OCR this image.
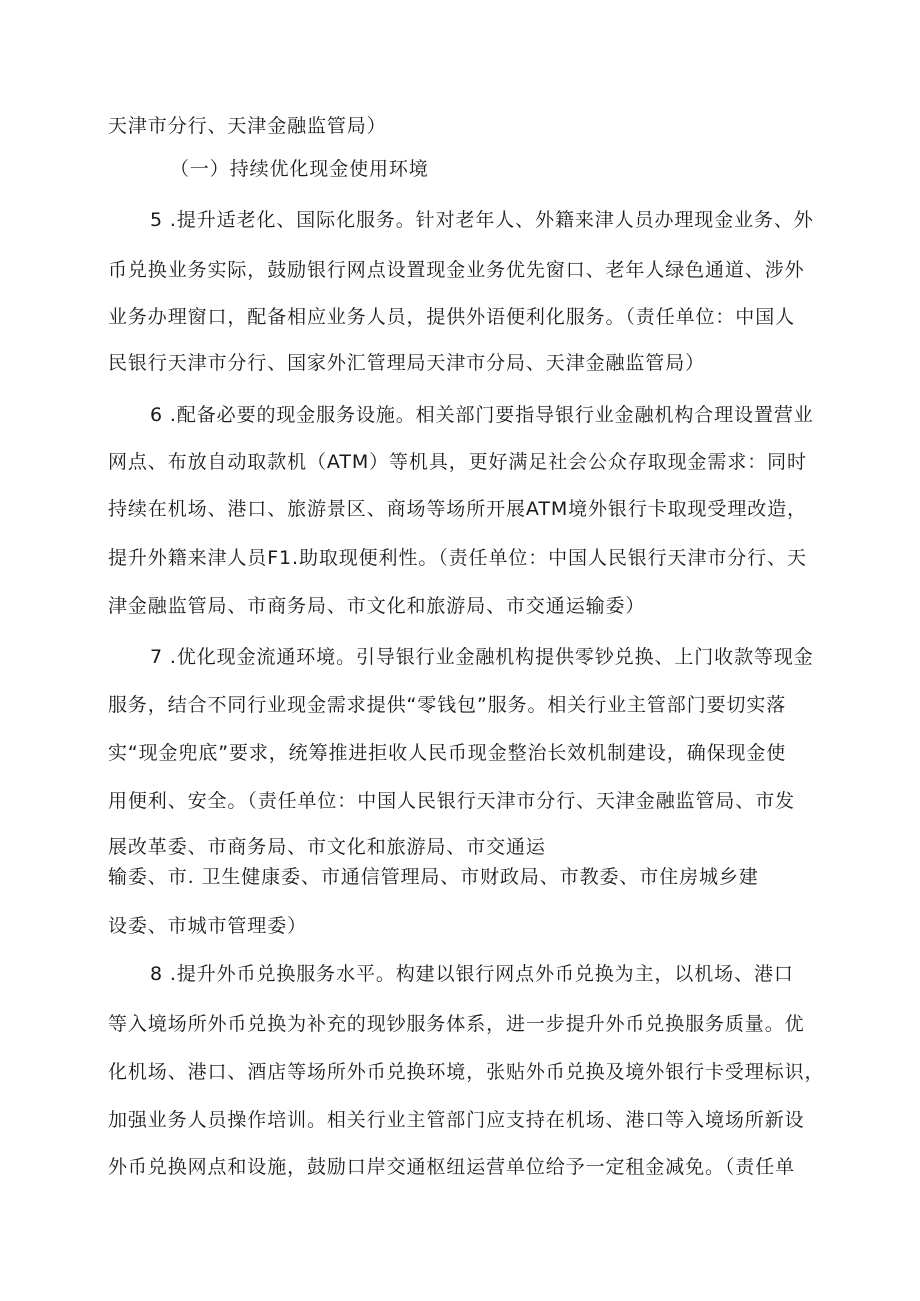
天津市分行、天津金融监管局）
（一）持续优化现金使用环境
5 .提升适老化、国际化服务。针对老年人、外籍来津人员办理现金业务、外
币兑换业务实际，鼓励银行网点设置现金业务优先窗口、老年人绿色通道、涉外
业务办理窗口，配备相应业务人员，提供外语便利化服务。（责任单位：中国人
民银行天津市分行、国家外汇管理局天津市分局、天津金融监管局）
6 .配备必要的现金服务设施。相关部门要指导银行业金融机构合理设置营业
网点、布放自动取款机（ATM）等机具，更好满足社会公众存取现金需求：同时
持续在机场、港口、旅游景区、商场等场所开展ATM境外银行卡取现受理改造，
提升外籍来津人员F1.助取现便利性。（责任单位：中国人民银行天津市分行、天
津金融监管局、市商务局、市文化和旅游局、市交通运输委）
7 .优化现金流通环境。引导银行业金融机构提供零钞兑换、上门收款等现金
服务，结合不同行业现金需求提供“零钱包”服务。相关行业主管部门要切实落
实“现金兜底”要求，统筹推进拒收人民币现金整治长效机制建设，确保现金使
用便利、安全。（责任单位：中国人民银行天津市分行、天津金融监管局、市发
展改革委、市商务局、市文化和旅游局、市交通运
输委、市. 卫生健康委、市通信管理局、市财政局、市教委、市住房城乡建
设委、市城市管理委）
8 .提升外币兑换服务水平。构建以银行网点外币兑换为主，以机场、港口
等入境场所外币兑换为补充的现钞服务体系，进一步提升外币兑换服务质量。优
化机场、港口、酒店等场所外币兑换环境，张贴外币兑换及境外银行卡受理标识，
加强业务人员操作培训。相关行业主管部门应支持在机场、港口等入境场所新设
外币兑换网点和设施，鼓励口岸交通枢纽运营单位给予一定租金减免。（责任单
